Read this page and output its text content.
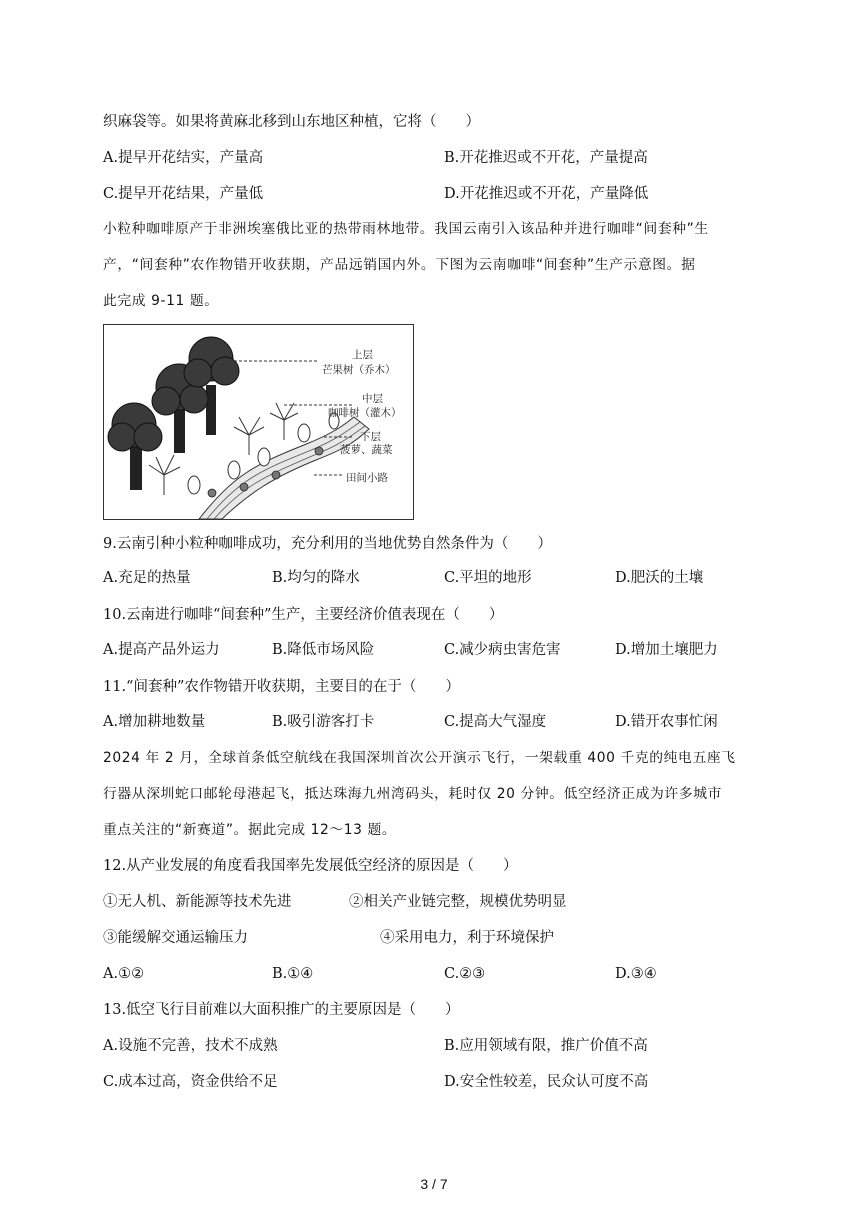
织麻袋等。如果将黄麻北移到山东地区种植，它将（　　）
A.提早开花结实，产量高	B.开花推迟或不开花，产量提高
C.提早开花结果，产量低	D.开花推迟或不开花，产量降低
小粒种咖啡原产于非洲埃塞俄比亚的热带雨林地带。我国云南引入该品种并进行咖啡“间套种”生
产，“间套种”农作物错开收获期，产品远销国内外。下图为云南咖啡“间套种”生产示意图。据
此完成 9-11 题。
上层
芒果树（乔木）
中层
咖啡树（灌木）
下层
菠萝、蔬菜
田间小路
9.云南引种小粒种咖啡成功，充分利用的当地优势自然条件为（　　）
A.充足的热量	B.均匀的降水	C.平坦的地形	D.肥沃的土壤
10.云南进行咖啡“间套种”生产，主要经济价值表现在（　　）
A.提高产品外运力	B.降低市场风险	C.减少病虫害危害	D.增加土壤肥力
11.“间套种”农作物错开收获期，主要目的在于（　　）
A.增加耕地数量	B.吸引游客打卡	C.提高大气湿度	D.错开农事忙闲
2024 年 2 月，全球首条低空航线在我国深圳首次公开演示飞行，一架载重 400 千克的纯电五座飞
行器从深圳蛇口邮轮母港起飞，抵达珠海九州湾码头，耗时仅 20 分钟。低空经济正成为许多城市
重点关注的“新赛道”。据此完成 12～13 题。
12.从产业发展的角度看我国率先发展低空经济的原因是（　　）
①无人机、新能源等技术先进	②相关产业链完整，规模优势明显
③能缓解交通运输压力	④采用电力，利于环境保护
A.①②	B.①④	C.②③	D.③④
13.低空飞行目前难以大面积推广的主要原因是（　　）
A.设施不完善，技术不成熟	B.应用领域有限，推广价值不高
C.成本过高，资金供给不足	D.安全性较差，民众认可度不高
3 / 7
